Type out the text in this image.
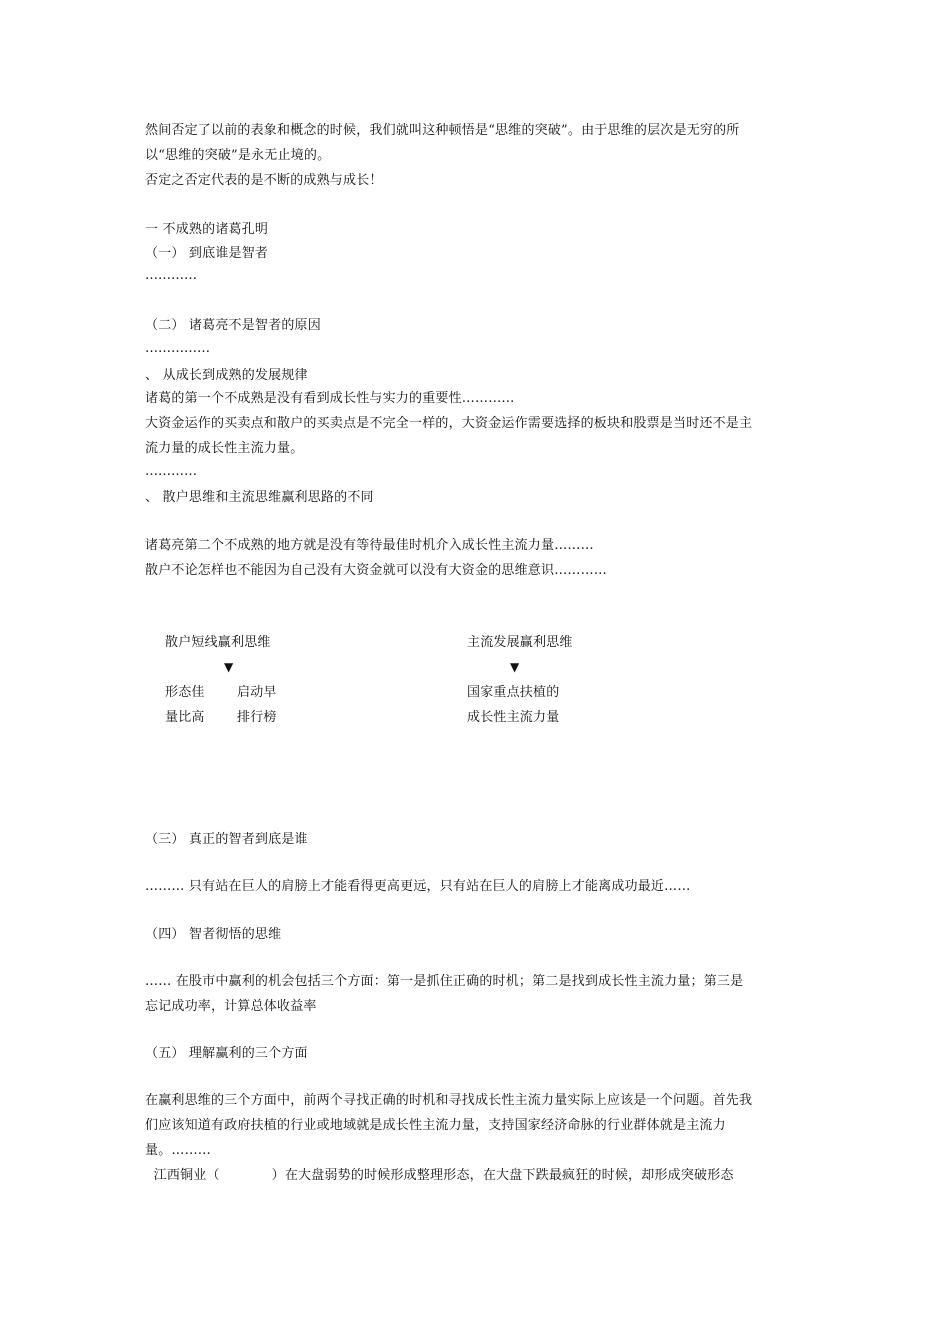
然间否定了以前的表象和概念的时候，我们就叫这种顿悟是“思维的突破”。由于思维的层次是无穷的所
以“思维的突破”是永无止境的。
否定之否定代表的是不断的成熟与成长！
一 不成熟的诸葛孔明
（一） 到底谁是智者
…………
（二） 诸葛亮不是智者的原因
……………
、 从成长到成熟的发展规律
诸葛的第一个不成熟是没有看到成长性与实力的重要性…………
大资金运作的买卖点和散户的买卖点是不完全一样的，大资金运作需要选择的板块和股票是当时还不是主
流力量的成长性主流力量。
…………
、 散户思维和主流思维赢利思路的不同
诸葛亮第二个不成熟的地方就是没有等待最佳时机介入成长性主流力量………
散户不论怎样也不能因为自己没有大资金就可以没有大资金的思维意识…………
散户短线赢利思维
▼
形态佳 启动早
量比高 排行榜
主流发展赢利思维
▼
国家重点扶植的
成长性主流力量
（三） 真正的智者到底是谁
……… 只有站在巨人的肩膀上才能看得更高更远，只有站在巨人的肩膀上才能离成功最近……
（四） 智者彻悟的思维
…… 在股市中赢利的机会包括三个方面：第一是抓住正确的时机；第二是找到成长性主流力量；第三是
忘记成功率，计算总体收益率
（五） 理解赢利的三个方面
在赢利思维的三个方面中，前两个寻找正确的时机和寻找成长性主流力量实际上应该是一个问题。首先我
们应该知道有政府扶植的行业或地域就是成长性主流力量，支持国家经济命脉的行业群体就是主流力
量。………
江西铜业（            ）在大盘弱势的时候形成整理形态，在大盘下跌最疯狂的时候，却形成突破形态
